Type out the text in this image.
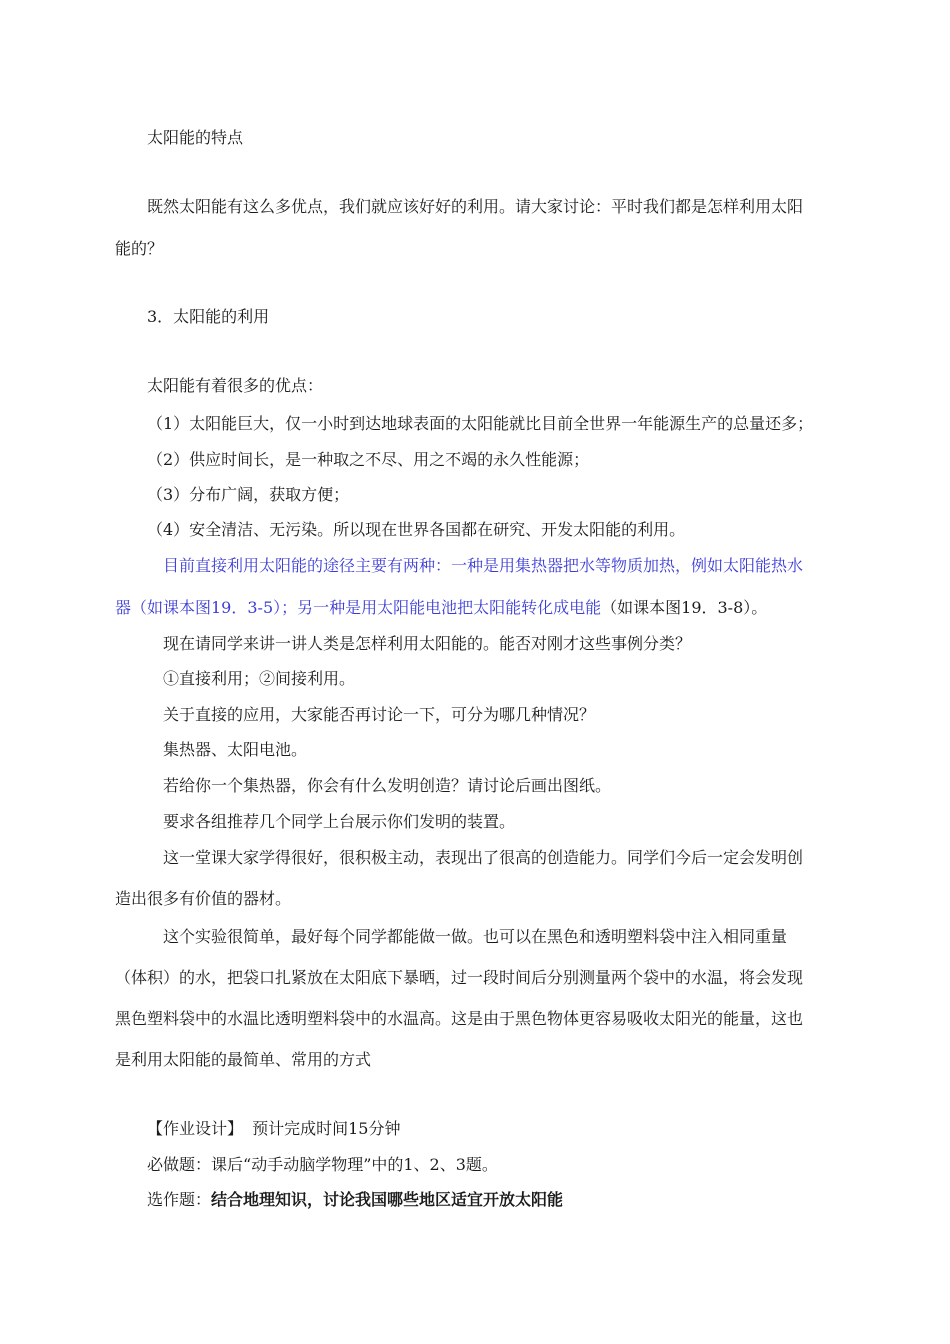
太阳能的特点
既然太阳能有这么多优点，我们就应该好好的利用。请大家讨论：平时我们都是怎样利用太阳
能的？
3．太阳能的利用
太阳能有着很多的优点：
（1）太阳能巨大，仅一小时到达地球表面的太阳能就比目前全世界一年能源生产的总量还多；
（2）供应时间长，是一种取之不尽、用之不竭的永久性能源；
（3）分布广阔，获取方便；
（4）安全清洁、无污染。所以现在世界各国都在研究、开发太阳能的利用。
目前直接利用太阳能的途径主要有两种：一种是用集热器把水等物质加热，例如太阳能热水
器（如课本图19．3-5）；另一种是用太阳能电池把太阳能转化成电能（如课本图19．3-8）。
现在请同学来讲一讲人类是怎样利用太阳能的。能否对刚才这些事例分类？
①直接利用；②间接利用。
关于直接的应用，大家能否再讨论一下，可分为哪几种情况？
集热器、太阳电池。
若给你一个集热器，你会有什么发明创造？请讨论后画出图纸。
要求各组推荐几个同学上台展示你们发明的装置。
这一堂课大家学得很好，很积极主动，表现出了很高的创造能力。同学们今后一定会发明创
造出很多有价值的器材。
这个实验很简单，最好每个同学都能做一做。也可以在黑色和透明塑料袋中注入相同重量
（体积）的水，把袋口扎紧放在太阳底下暴晒，过一段时间后分别测量两个袋中的水温，将会发现
黑色塑料袋中的水温比透明塑料袋中的水温高。这是由于黑色物体更容易吸收太阳光的能量，这也
是利用太阳能的最简单、常用的方式
【作业设计】 预计完成时间15分钟
必做题：课后“动手动脑学物理”中的1、2、3题。
选作题：结合地理知识，讨论我国哪些地区适宜开放太阳能
